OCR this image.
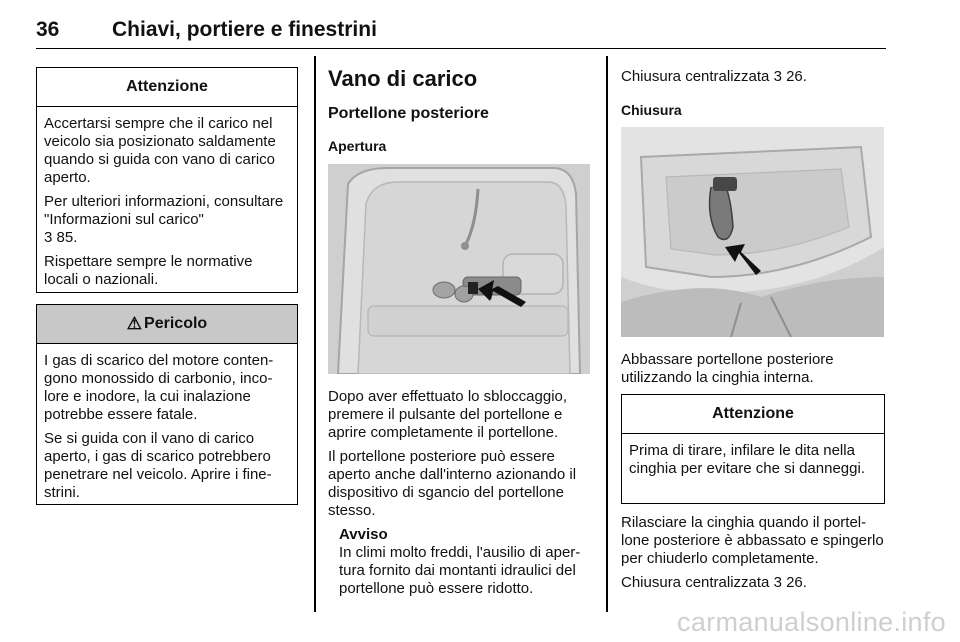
36	Chiavi, portiere e finestrini
Attenzione

Accertarsi sempre che il carico nel veicolo sia posizionato saldamente quando si guida con vano di carico aperto.

Per ulteriori informazioni, consultare "Informazioni sul carico"
3 85.

Rispettare sempre le normative locali o nazionali.

⚠ Pericolo

I gas di scarico del motore contengono monossido di carbonio, incolore e inodore, la cui inalazione potrebbe essere fatale.

Se si guida con il vano di carico aperto, i gas di scarico potrebbero penetrare nel veicolo. Aprire i finestrini.

Vano di carico
Portellone posteriore
Apertura

Dopo aver effettuato lo sbloccaggio, premere il pulsante del portellone e aprire completamente il portellone.

Il portellone posteriore può essere aperto anche dall'interno azionando il dispositivo di sgancio del portellone stesso.

Avviso

In climi molto freddi, l'ausilio di apertura fornito dai montanti idraulici del portellone può essere ridotto.

Chiusura centralizzata 3 26.
Chiusura

Abbassare portellone posteriore utilizzando la cinghia interna.

Attenzione

Prima di tirare, infilare le dita nella cinghia per evitare che si danneggi.

Rilasciare la cinghia quando il portellone posteriore è abbassato e spingerlo per chiuderlo completamente.

Chiusura centralizzata 3 26.

carmanualsonline.info
